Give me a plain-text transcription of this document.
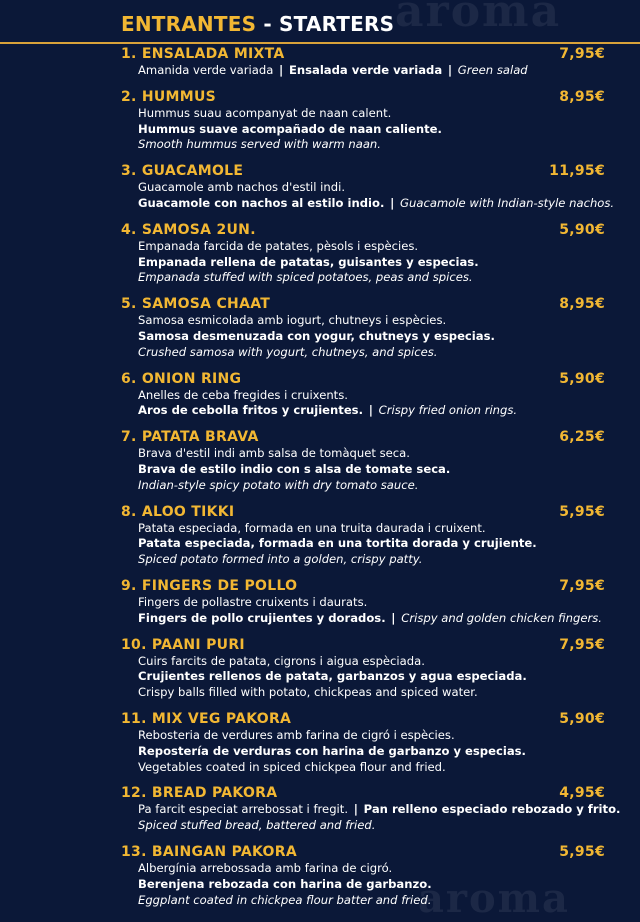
aroma
ENTRANTES - STARTERS
1. ENSALADA MIXTA	7,95€
Amanida verde variada | Ensalada verde variada | Green salad
2. HUMMUS	8,95€
Hummus suau acompanyat de naan calent.
Hummus suave acompañado de naan caliente.
Smooth hummus served with warm naan.
3. GUACAMOLE	11,95€
Guacamole amb nachos d'estil indi.
Guacamole con nachos al estilo indio. | Guacamole with Indian-style nachos.
4. SAMOSA 2UN.	5,90€
Empanada farcida de patates, pèsols i espècies.
Empanada rellena de patatas, guisantes y especias.
Empanada stuffed with spiced potatoes, peas and spices.
5. SAMOSA CHAAT	8,95€
Samosa esmicolada amb iogurt, chutneys i espècies.
Samosa desmenuzada con yogur, chutneys y especias.
Crushed samosa with yogurt, chutneys, and spices.
6. ONION RING	5,90€
Anelles de ceba fregides i cruixents.
Aros de cebolla fritos y crujientes. | Crispy fried onion rings.
7. PATATA BRAVA	6,25€
Brava d'estil indi amb salsa de tomàquet seca.
Brava de estilo indio con s alsa de tomate seca.
Indian-style spicy potato with dry tomato sauce.
8. ALOO TIKKI	5,95€
Patata especiada, formada en una truita daurada i cruixent.
Patata especiada, formada en una tortita dorada y crujiente.
Spiced potato formed into a golden, crispy patty.
9. FINGERS DE POLLO	7,95€
Fingers de pollastre cruixents i daurats.
Fingers de pollo crujientes y dorados. | Crispy and golden chicken fingers.
10. PAANI PURI	7,95€
Cuirs farcits de patata, cigrons i aigua espèciada.
Crujientes rellenos de patata, garbanzos y agua especiada.
Crispy balls filled with potato, chickpeas and spiced water.
11. MIX VEG PAKORA	5,90€
Rebosteria de verdures amb farina de cigró i espècies.
Repostería de verduras con harina de garbanzo y especias.
Vegetables coated in spiced chickpea flour and fried.
12. BREAD PAKORA	4,95€
Pa farcit especiat arrebossat i fregit. | Pan relleno especiado rebozado y frito.
Spiced stuffed bread, battered and fried.
13. BAINGAN PAKORA	5,95€
Albergínia arrebossada amb farina de cigró.
Berenjena rebozada con harina de garbanzo.
Eggplant coated in chickpea flour batter and fried.
aroma
